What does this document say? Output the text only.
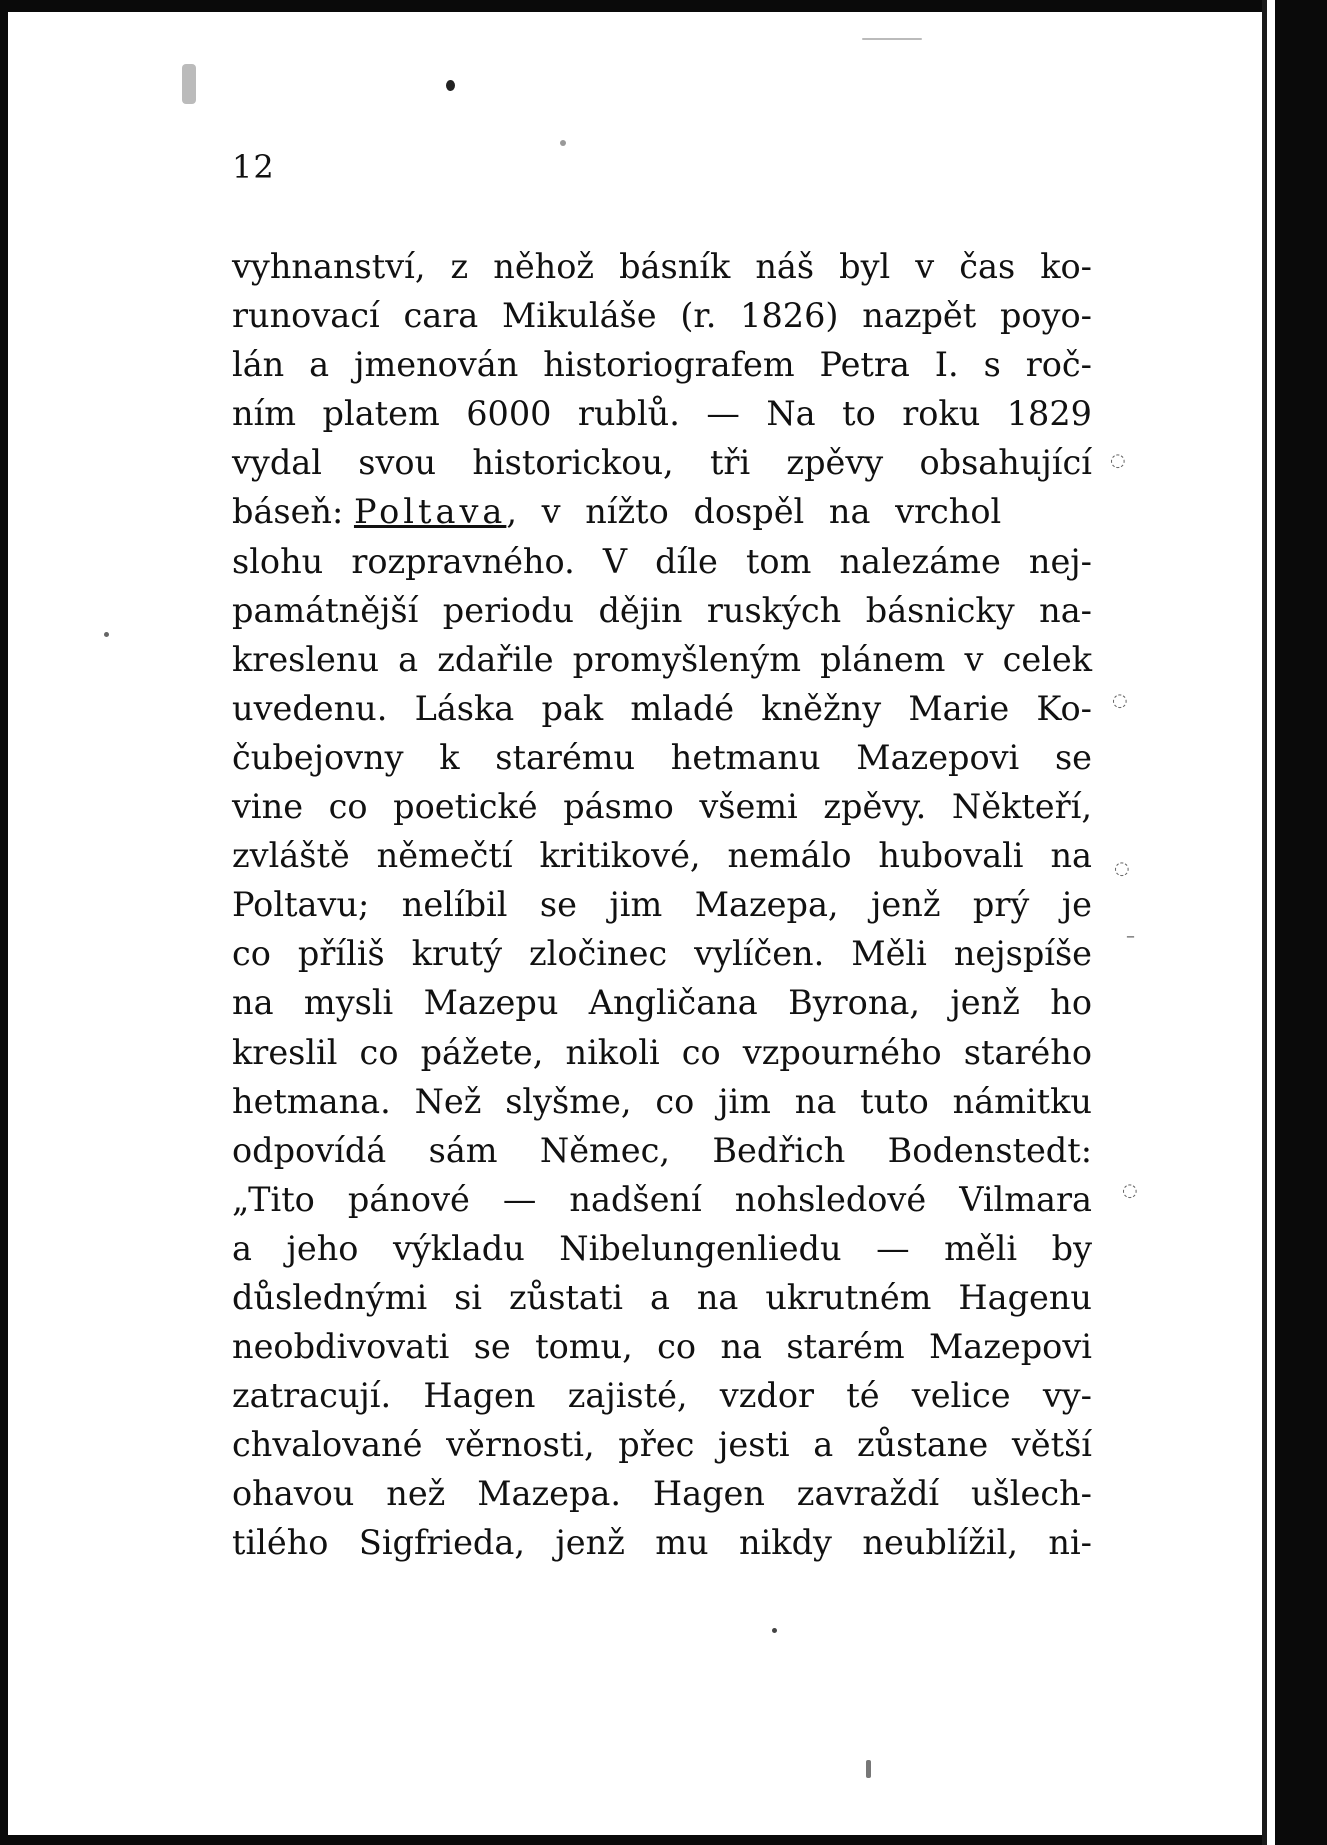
◌
◌
◌
–
◌
12
vyhnanství, z něhož básník náš byl v čas ko-
runovací cara Mikuláše (r. 1826) nazpět poyo-
lán a jmenován historiografem Petra I. s roč-
ním platem 6000 rublů. — Na to roku 1829
vydal svou historickou, tři zpěvy obsahující
báseň: Poltava, v nížto dospěl na vrchol
slohu rozpravného. V díle tom nalezáme nej-
památnější periodu dějin ruských básnicky na-
kreslenu a zdařile promyšleným plánem v celek
uvedenu. Láska pak mladé kněžny Marie Ko-
čubejovny k starému hetmanu Mazepovi se
vine co poetické pásmo všemi zpěvy. Někteří,
zvláště němečtí kritikové, nemálo hubovali na
Poltavu; nelíbil se jim Mazepa, jenž prý je
co příliš krutý zločinec vylíčen. Měli nejspíše
na mysli Mazepu Angličana Byrona, jenž ho
kreslil co pážete, nikoli co vzpourného starého
hetmana. Než slyšme, co jim na tuto námitku
odpovídá sám Němec, Bedřich Bodenstedt:
„Tito pánové — nadšení nohsledové Vilmara
a jeho výkladu Nibelungenliedu — měli by
důslednými si zůstati a na ukrutném Hagenu
neobdivovati se tomu, co na starém Mazepovi
zatracují. Hagen zajisté, vzdor té velice vy-
chvalované věrnosti, přec jesti a zůstane větší
ohavou než Mazepa. Hagen zavraždí ušlech-
tilého Sigfrieda, jenž mu nikdy neublížil, ni-
